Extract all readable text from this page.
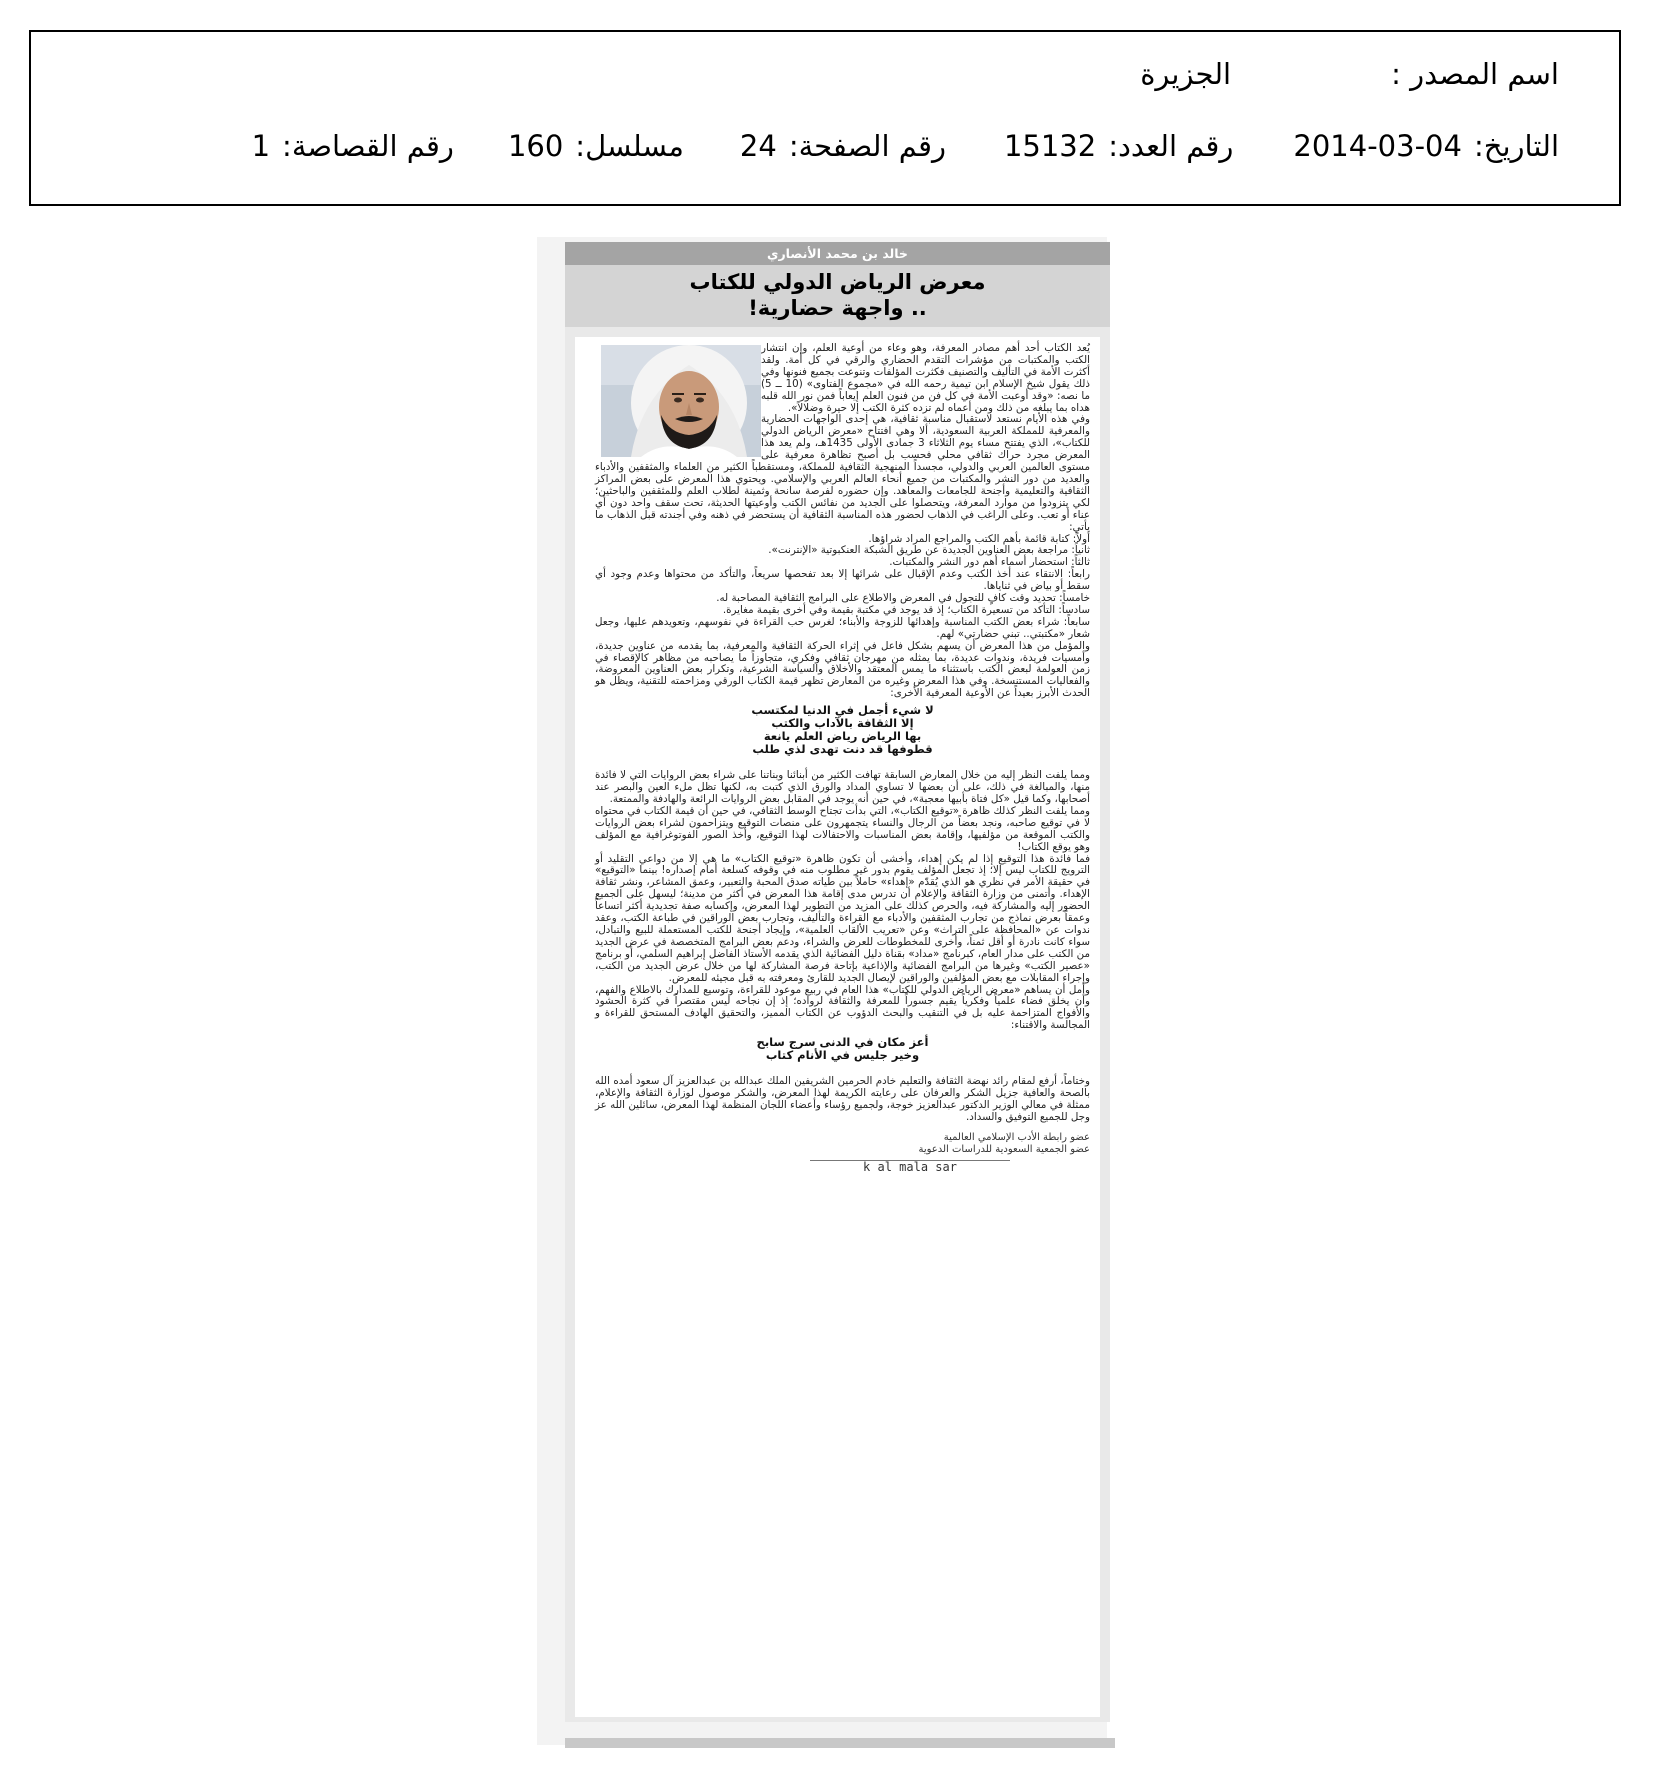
اسم المصدر :
الجزيرة
التاريخ:
2014-03-04
رقم العدد:
15132
رقم الصفحة:
24
مسلسل:
160
رقم القصاصة:
1
خالد بن محمد الأنصاري
معرض الرياض الدولي للكتاب
.. واجهة حضارية!

يُعد الكتاب أحد أهم مصادر المعرفة، وهو وعاء من أوعية العلم، وإن انتشار الكتب والمكتبات من مؤشرات التقدم الحضاري والرقي في كل أمة. ولقد أكثرت الأمة في التأليف والتصنيف فكثرت المؤلفات وتنوعت بجميع فنونها وفي ذلك يقول شيخ الإسلام ابن تيمية رحمه الله في «مجموع الفتاوى» (10 ــ 5) ما نصه: «وقد أوعبت الأمة في كل فن من فنون العلم إيعاباً فمن نور الله قلبه هداه بما يبلغه من ذلك ومن أعماه لم تزده كثرة الكتب إلا حيرة وضلالاً».

وفي هذه الأيام نستعد لاستقبال مناسبة ثقافية، هي إحدى الواجهات الحضارية والمعرفية للمملكة العربية السعودية، ألا وهي افتتاح «معرض الرياض الدولي للكتاب»، الذي يفتتح مساء يوم الثلاثاء 3 جمادى الأولى 1435هـ، ولم يعد هذا المعرض مجرد حراك ثقافي محلي فحسب بل أصبح تظاهرة معرفية على مستوى العالمين العربي والدولي، مجسداً المنهجية الثقافية للمملكة، ومستقطباً الكثير من العلماء والمثقفين والأدباء والعديد من دور النشر والمكتبات من جميع أنحاء العالم العربي والإسلامي. ويحتوي هذا المعرض على بعض المراكز الثقافية والتعليمية وأجنحة للجامعات والمعاهد. وإن حضوره لفرصة سانحة وثمينة لطلاب العلم وللمثقفين والباحثين؛ لكي يتزودوا من موارد المعرفة، ويتحصلوا على الجديد من نفائس الكتب وأوعيتها الحديثة، تحت سقف واحد دون أي عناء أو تعب. وعلى الراغب في الذهاب لحضور هذه المناسبة الثقافية أن يستحضر في ذهنه وفي أجندته قبل الذهاب ما يأتي:

أولاً: كتابة قائمة بأهم الكتب والمراجع المراد شراؤها.

ثانياً: مراجعة بعض العناوين الجديدة عن طريق الشبكة العنكبوتية «الإنترنت».

ثالثاً: استحضار أسماء أهم دور النشر والمكتبات.

رابعاً: الانتقاء عند أخذ الكتب وعدم الإقبال على شرائها إلا بعد تفحصها سريعاً، والتأكد من محتواها وعدم وجود أي سقط أو بياض في ثناياها.

خامساً: تحديد وقت كافٍ للتجول في المعرض والاطلاع على البرامج الثقافية المصاحبة له.

سادساً: التأكد من تسعيرة الكتاب؛ إذ قد يوجد في مكتبة بقيمة وفي أخرى بقيمة مغايرة.

سابعاً: شراء بعض الكتب المناسبة وإهدائها للزوجة والأبناء؛ لغرس حب القراءة في نفوسهم، وتعويدهم عليها، وجعل شعار «مكتبتي.. تبني حضارتي» لهم.

والمؤمل من هذا المعرض أن يسهم بشكل فاعل في إثراء الحركة الثقافية والمعرفية، بما يقدمه من عناوين جديدة، وأمسيات فريدة، وندوات عديدة، بما يمثله من مهرجان ثقافي وفكري، متجاوزاً ما يصاحبه من مظاهر كالإقصاء في زمن العولمة لبعض الكتب باستثناء ما يمس المعتقد والأخلاق والسياسة الشرعية، وتكرار بعض العناوين المعروضة، والفعاليات المستنسخة. وفي هذا المعرض وغيره من المعارض تظهر قيمة الكتاب الورقي ومزاحمته للتقنية، ويظل هو الحدث الأبرز بعيداً عن الأوعية المعرفية الأخرى:

لا شيء أجمل في الدنيا لمكتسب
إلا الثقافة بالآداب والكتب
بها الرياض رياض العلم يانعة
قطوفها قد دنت تهدى لذي طلب

ومما يلفت النظر إليه من خلال المعارض السابقة تهافت الكثير من أبنائنا وبناتنا على شراء بعض الروايات التي لا فائدة منها، والمبالغة في ذلك، على أن بعضها لا تساوي المداد والورق الذي كتبت به، لكنها تظل ملء العين والبصر عند أصحابها، وكما قيل «كل فتاة بأبيها معجبة»، في حين أنه يوجد في المقابل بعض الروايات الرائعة والهادفة والممتعة.

ومما يلفت النظر كذلك ظاهرة «توقيع الكتاب»، التي بدأت تجتاح الوسط الثقافي، في حين أن قيمة الكتاب في محتواه لا في توقيع صاحبه، ونجد بعضاً من الرجال والنساء يتجمهرون على منصات التوقيع ويتزاحمون لشراء بعض الروايات والكتب الموقعة من مؤلفيها، وإقامة بعض المناسبات والاحتفالات لهذا التوقيع، وأخذ الصور الفوتوغرافية مع المؤلف وهو يوقع الكتاب!

فما فائدة هذا التوقيع إذا لم يكن إهداء، وأخشى أن تكون ظاهرة «توقيع الكتاب» ما هي إلا من دواعي التقليد أو الترويج للكتاب ليس إلا؛ إذ تجعل المؤلف يقوم بدور غير مطلوب منه في وقوفه كسلعة أمام إصداره! بينما «التوقيع» في حقيقة الأمر في نظري هو الذي يُقدّم «إهداء» حاملاً بين طياته صدق المحبة والتعبير، وعمق المشاعر، ونشر ثقافة الإهداء. وأتمنى من وزارة الثقافة والإعلام أن تدرس مدى إقامة هذا المعرض في أكثر من مدينة؛ ليسهل على الجميع الحضور إليه والمشاركة فيه، والحرص كذلك على المزيد من التطوير لهذا المعرض، وإكسابه صفة تجديدية أكثر اتساعاً وعمقاً بعرض نماذج من تجارب المثقفين والأدباء مع القراءة والتأليف، وتجارب بعض الوراقين في طباعة الكتب، وعقد ندوات عن «المحافظة على التراث» وعن «تعريب الألقاب العلمية»، وإيجاد أجنحة للكتب المستعملة للبيع والتبادل، سواء كانت نادرة أو أقل ثمناً، وأخرى للمخطوطات للعرض والشراء، ودعم بعض البرامج المتخصصة في عرض الجديد من الكتب على مدار العام، كبرنامج «مداد» بقناة دليل الفضائية الذي يقدمه الأستاذ الفاضل إبراهيم السلمي، أو برنامج «عصير الكتب» وغيرها من البرامج الفضائية والإذاعية بإتاحة فرصة المشاركة لها من خلال عرض الجديد من الكتب، وإجراء المقابلات مع بعض المؤلفين والوراقين لإيصال الجديد للقارئ ومعرفته به قبل مجيئه للمعرض.

وأمل أن يساهم «معرض الرياض الدولي للكتاب» هذا العام في ربيع موعود للقراءة، وتوسيع للمدارك بالاطلاع والفهم، وأن يخلق فضاء علمياً وفكرياً يقيم جسوراً للمعرفة والثقافة لرواده؛ إذ إن نجاحه ليس مقتصراً في كثرة الحشود والأفواج المتزاحمة عليه بل في التنقيب والبحث الدؤوب عن الكتاب المميز، والتحقيق الهادف المستحق للقراءة و المجالسة والاقتناء:

أعز مكان في الدنى سرج سابح
وخير جليس في الأنام كتاب

وختاماً، أرفع لمقام رائد نهضة الثقافة والتعليم خادم الحرمين الشريفين الملك عبدالله بن عبدالعزيز آل سعود أمده الله بالصحة والعافية جزيل الشكر والعرفان على رعايته الكريمة لهذا المعرض، والشكر موصول لوزارة الثقافة والإعلام، ممثلة في معالي الوزير الدكتور عبدالعزيز خوجة، ولجميع رؤساء وأعضاء اللجان المنظمة لهذا المعرض، سائلين الله عز وجل للجميع التوفيق والسداد.

عضو رابطة الأدب الإسلامي العالمية
عضو الجمعية السعودية للدراسات الدعوية
k al mala sar
